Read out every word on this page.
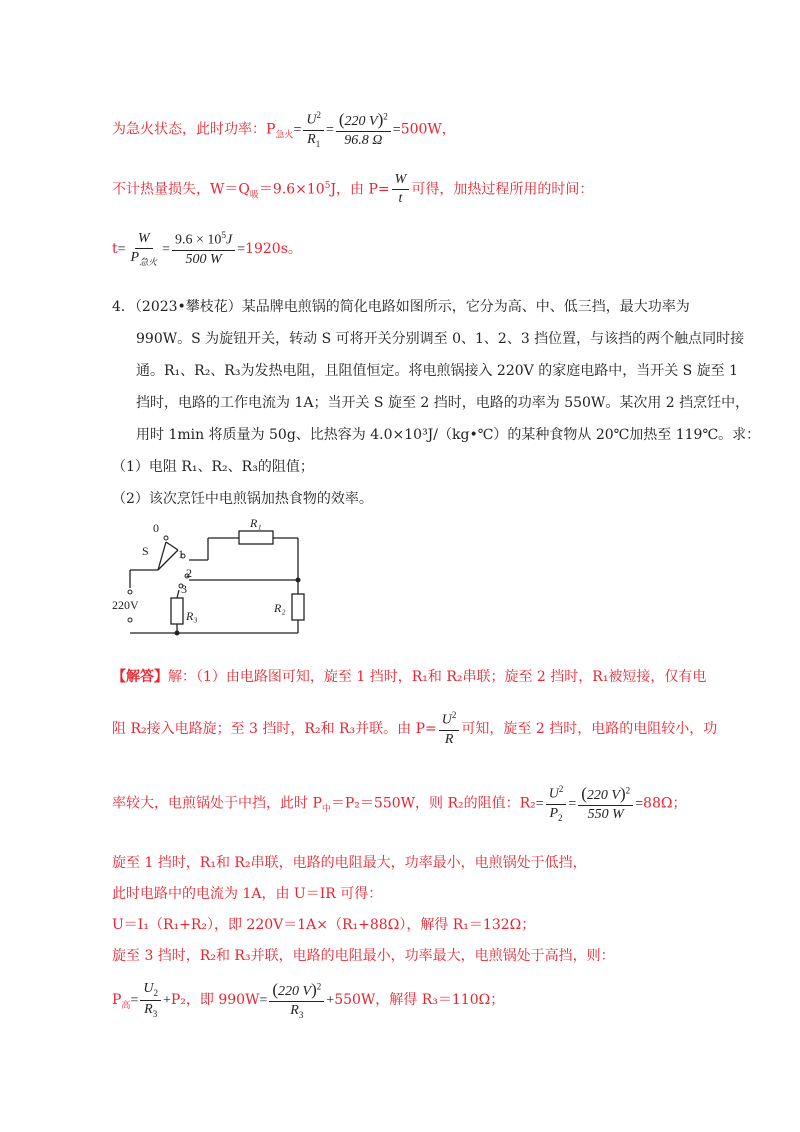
为急火状态，此时功率：$P_{急火}= \frac{U^2}{R_1} = \frac{(220 V)^2}{96.8 \Omega} =500W$，
不计热量损失，$W=Q_吸=9.6\times 10^5J$，由 $P= \frac{W}{t}$ 可得，加热过程所用的时间：
$t= \frac{W}{P_{急火}} = \frac{9.6 \times 10^5J}{500 W} =1920s$。
4．（2023•攀枝花）某品牌电煎锅的简化电路如图所示，它分为高、中、低三挡，最大功率为
990W。S 为旋钮开关，转动 S 可将开关分别调至 0、1、2、3 挡位置，与该挡的两个触点同时接
通。R₁、R₂、R₃为发热电阻，且阻值恒定。将电煎锅接入 220V 的家庭电路中，当开关 S 旋至 1
挡时，电路的工作电流为 1A；当开关 S 旋至 2 挡时，电路的功率为 550W。某次用 2 挡烹饪中，
用时 1min 将质量为 50g、比热容为 4.0×10³J/（kg•℃）的某种食物从 20℃加热至 119℃。求：
（1）电阻 R₁、R₂、R₃的阻值；
（2）该次烹饪中电煎锅加热食物的效率。
0
S 1
2
3
220V
R₁
R₂
R₃
【解答】解：（1）由电路图可知，旋至 1 挡时，R₁和 R₂串联；旋至 2 挡时，R₁被短接，仅有电
阻 R₂接入电路旋；至 3 挡时，R₂和 R₃并联。由 $P= \frac{U^2}{R}$ 可知，旋至 2 挡时，电路的电阻较小，功
率较大，电煎锅处于中挡，此时 $P_中=P_2=550W$，则 R₂的阻值：$R_2= \frac{U^2}{P_2} = \frac{(220 V)^2}{550 W} =88\Omega$；
旋至 1 挡时，R₁和 R₂串联，电路的电阻最大，功率最小，电煎锅处于低挡，
此时电路中的电流为 1A，由 U＝IR 可得：
U＝I₁（R₁+R₂），即 220V＝1A×（R₁+88Ω），解得 R₁＝132Ω；
旋至 3 挡时，R₂和 R₃并联，电路的电阻最小，功率最大，电煎锅处于高挡，则：
$P_高= \frac{U_2}{R_3} +P_2$，即 $990W= \frac{(220 V)^2}{R_3} +550W$，解得 R₃＝110Ω；
